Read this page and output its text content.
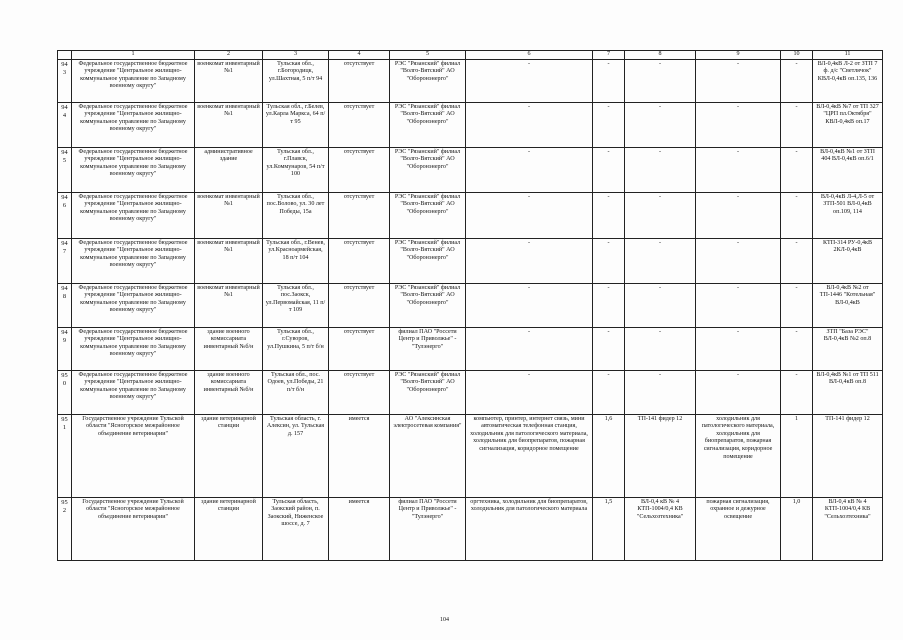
	1	2	3	4	5	6	7	8	9	10	11
943	Федеральное государственное бюджетное учреждение "Центральное жилищно-коммунальное управление по Западному военному округу"	военкомат инвентарный №1	Тульская обл., г.Богородицк, ул.Шахтная, 5 п/т 94	отсутствует	РЭС "Рязанский" филиал "Волго-Вятский" АО "Оборонэнерго"	-	-	-	-	-	ВЛ-0,4кВ Л-2 от ЗТП 7 ф. д/с "Светлячок" КВЛ-0,4кВ оп.135, 136
944	Федеральное государственное бюджетное учреждение "Центральное жилищно-коммунальное управление по Западному военному округу"	военкомат инвентарный №1	Тульская обл., г.Белев, ул.Карла Маркса, 64 п/т 95	отсутствует	РЭС "Рязанский" филиал "Волго-Вятский" АО "Оборонэнерго"	-	-	-	-	-	ВЛ-0,4кВ №7 от ТП 327 "ЦРП пл.Октября" КВЛ-0,4кВ оп.17
945	Федеральное государственное бюджетное учреждение "Центральное жилищно-коммунальное управление по Западному военному округу"	административное здание	Тульская обл., г.Плавск, ул.Коммунаров, 54 п/т 100	отсутствует	РЭС "Рязанский" филиал "Волго-Вятский" АО "Оборонэнерго"	-	-	-	-	-	ВЛ-0,4кВ №1 от ЗТП 404 ВЛ-0,4кВ оп.6/1
946	Федеральное государственное бюджетное учреждение "Центральное жилищно-коммунальное управление по Западному военному округу"	военкомат инвентарный №1	Тульская обл., пос.Волово, ул. 30 лет Победы, 15а	отсутствует	РЭС "Рязанский" филиал "Волго-Вятский" АО "Оборонэнерго"	-	-	-	-	-	ВЛ-0,4кВ Л-4,Л-5 от ЗТП-501 ВЛ-0,4кВ оп.109, 114
947	Федеральное государственное бюджетное учреждение "Центральное жилищно-коммунальное управление по Западному военному округу"	военкомат инвентарный №1	Тульская обл., г.Венев, ул.Красноармейская, 18 п/т 104	отсутствует	РЭС "Рязанский" филиал "Волго-Вятский" АО "Оборонэнерго"	-	-	-	-	-	КТП-314 РУ-0,4кВ 2КЛ-0,4кВ
948	Федеральное государственное бюджетное учреждение "Центральное жилищно-коммунальное управление по Западному военному округу"	военкомат инвентарный №1	Тульская обл., пос.Заокск, ул.Первомайская, 11 п/т 109	отсутствует	РЭС "Рязанский" филиал "Волго-Вятский" АО "Оборонэнерго"	-	-	-	-	-	ВЛ-0,4кВ №2 от ТП-1446 "Котельная" ВЛ-0,4кВ
949	Федеральное государственное бюджетное учреждение "Центральное жилищно-коммунальное управление по Западному военному округу"	здание военного комиссариата инвентарный №б/н	Тульская обл., г.Суворов, ул.Пушкина, 5 п/т б/н	отсутствует	филиал ПАО "Россети Центр и Приволжье" - "Тулэнерго"	-	-	-	-	-	ЗТП "База РЭС" ВЛ-0,4кВ №2 оп.8
950	Федеральное государственное бюджетное учреждение "Центральное жилищно-коммунальное управление по Западному военному округу"	здание военного комиссариата инвентарный №б/н	Тульская обл., пос. Одоев, ул.Победы, 21 п/т б/н	отсутствует	РЭС "Рязанский" филиал "Волго-Вятский" АО "Оборонэнерго"	-	-	-	-	-	ВЛ-0,4кВ №1 от ТП 511 ВЛ-0,4кВ оп.8
951	Государственное учреждение Тульской области "Ясногорское межрайонное объединение ветеринарии"	здание ветеринарной станции	Тульская область, г. Алексин, ул. Тульская д. 157	имеется	АО "Алексинская электросетевая компания"	компьютер, принтер, интернет связь, мини автоматическая телефонная станция, холодильник для патологического материала, холодильник для биопрепаратов, пожарная сигнализация, коридорное помещение	1,6	ТП-141 фидер 12	холодильник для патологического материала, холодильник для биопрепаратов, пожарная сигнализация, коридорное помещение	1	ТП-141 фидер 12
952	Государственное учреждение Тульской области "Ясногорское межрайонное объединение ветеринарии"	здание ветеринарной станции	Тульская область, Заокский район, п. Заокский, Ниженское шоссе, д. 7	имеется	филиал ПАО "Россети Центр и Приволжье" - "Тулэнерго"	оргтехника, холодильник для биопрепаратов, холодильник для патологического материала	1,5	ВЛ-0,4 кВ № 4 КТП-1004/0,4 КВ "Сельхозтехника"	пожарная сигнализация, охранное и дежурное освещение	1,0	ВЛ-0,4 кВ № 4 КТП-1004/0,4 КВ "Сельхозтехника"
104
